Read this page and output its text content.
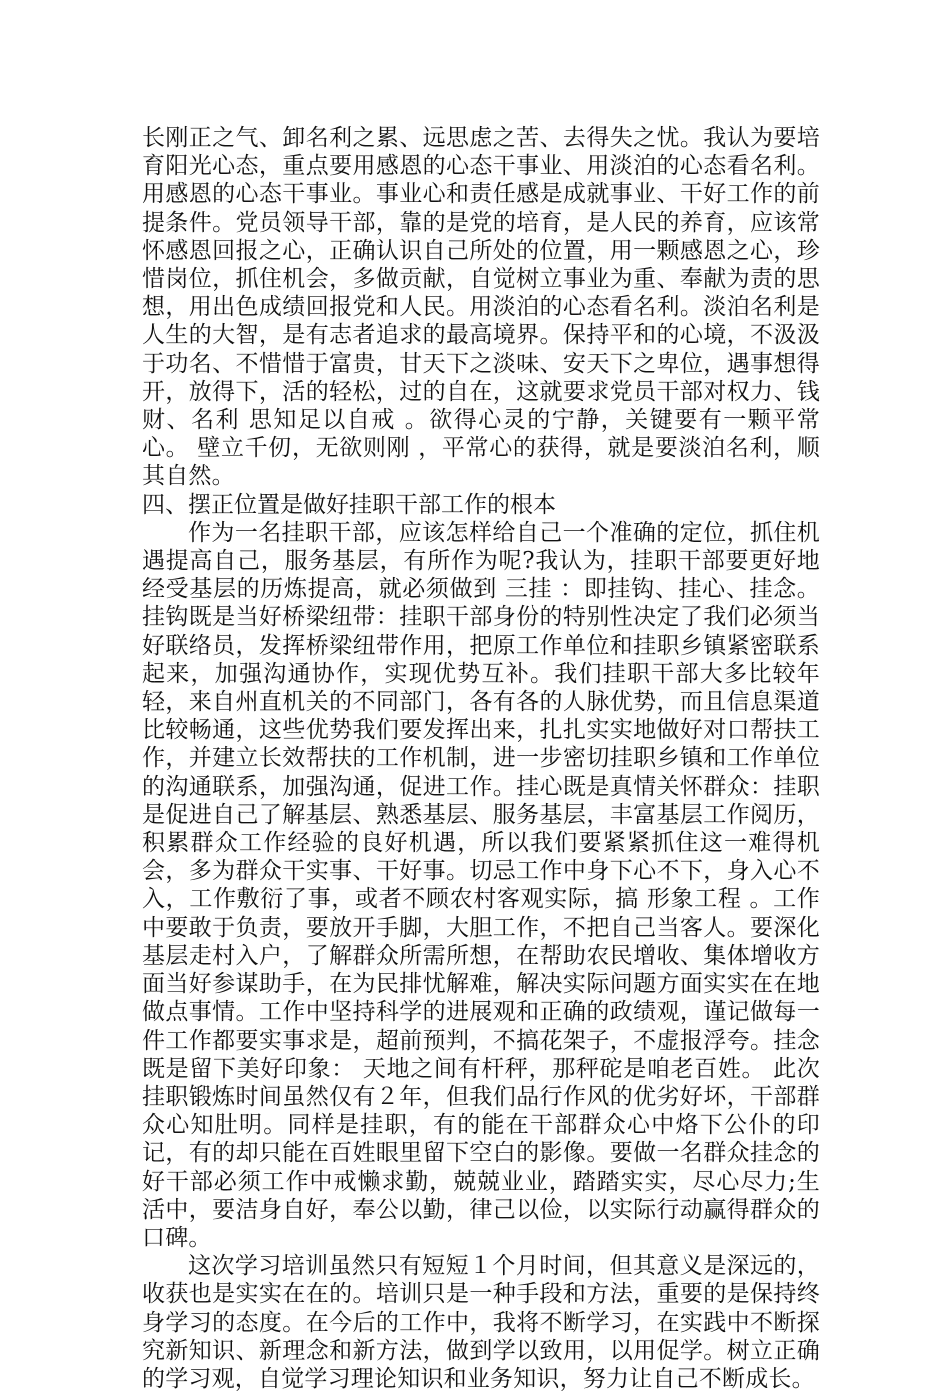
长刚正之气、卸名利之累、远思虑之苦、去得失之忧。我认为要培育阳光心态，重点要用感恩的心态干事业、用淡泊的心态看名利。用感恩的心态干事业。事业心和责任感是成就事业、干好工作的前提条件。党员领导干部，靠的是党的培育，是人民的养育，应该常怀感恩回报之心，正确认识自己所处的位置，用一颗感恩之心，珍惜岗位，抓住机会，多做贡献，自觉树立事业为重、奉献为责的思想，用出色成绩回报党和人民。用淡泊的心态看名利。淡泊名利是人生的大智，是有志者追求的最高境界。保持平和的心境，不汲汲于功名、不惜惜于富贵，甘天下之淡味、安天下之卑位，遇事想得开，放得下，活的轻松，过的自在，这就要求党员干部对权力、钱财、名利 思知足以自戒 。欲得心灵的宁静，关键要有一颗平常心。 壁立千仞，无欲则刚 ，平常心的获得，就是要淡泊名利，顺其自然。

四、摆正位置是做好挂职干部工作的根本

作为一名挂职干部，应该怎样给自己一个准确的定位，抓住机遇提高自己，服务基层，有所作为呢?我认为，挂职干部要更好地经受基层的历炼提高，就必须做到 三挂 ：即挂钩、挂心、挂念。挂钩既是当好桥梁纽带：挂职干部身份的特别性决定了我们必须当好联络员，发挥桥梁纽带作用，把原工作单位和挂职乡镇紧密联系起来，加强沟通协作，实现优势互补。我们挂职干部大多比较年轻，来自州直机关的不同部门，各有各的人脉优势，而且信息渠道比较畅通，这些优势我们要发挥出来，扎扎实实地做好对口帮扶工作，并建立长效帮扶的工作机制，进一步密切挂职乡镇和工作单位的沟通联系，加强沟通，促进工作。挂心既是真情关怀群众：挂职是促进自己了解基层、熟悉基层、服务基层，丰富基层工作阅历，积累群众工作经验的良好机遇，所以我们要紧紧抓住这一难得机会，多为群众干实事、干好事。切忌工作中身下心不下，身入心不入，工作敷衍了事，或者不顾农村客观实际，搞 形象工程 。工作中要敢于负责，要放开手脚，大胆工作，不把自己当客人。要深化基层走村入户，了解群众所需所想，在帮助农民增收、集体增收方面当好参谋助手，在为民排忧解难，解决实际问题方面实实在在地做点事情。工作中坚持科学的进展观和正确的政绩观，谨记做每一件工作都要实事求是，超前预判，不搞花架子，不虚报浮夸。挂念既是留下美好印象： 天地之间有杆秤，那秤砣是咱老百姓。 此次挂职锻炼时间虽然仅有２年，但我们品行作风的优劣好坏，干部群众心知肚明。同样是挂职，有的能在干部群众心中烙下公仆的印记，有的却只能在百姓眼里留下空白的影像。要做一名群众挂念的好干部必须工作中戒懒求勤，兢兢业业，踏踏实实，尽心尽力;生活中，要洁身自好，奉公以勤，律己以俭，以实际行动赢得群众的口碑。

这次学习培训虽然只有短短１个月时间，但其意义是深远的，收获也是实实在在的。培训只是一种手段和方法，重要的是保持终身学习的态度。在今后的工作中，我将不断学习，在实践中不断探究新知识、新理念和新方法，做到学以致用，以用促学。树立正确的学习观，自觉学习理论知识和业务知识，努力让自己不断成长。
